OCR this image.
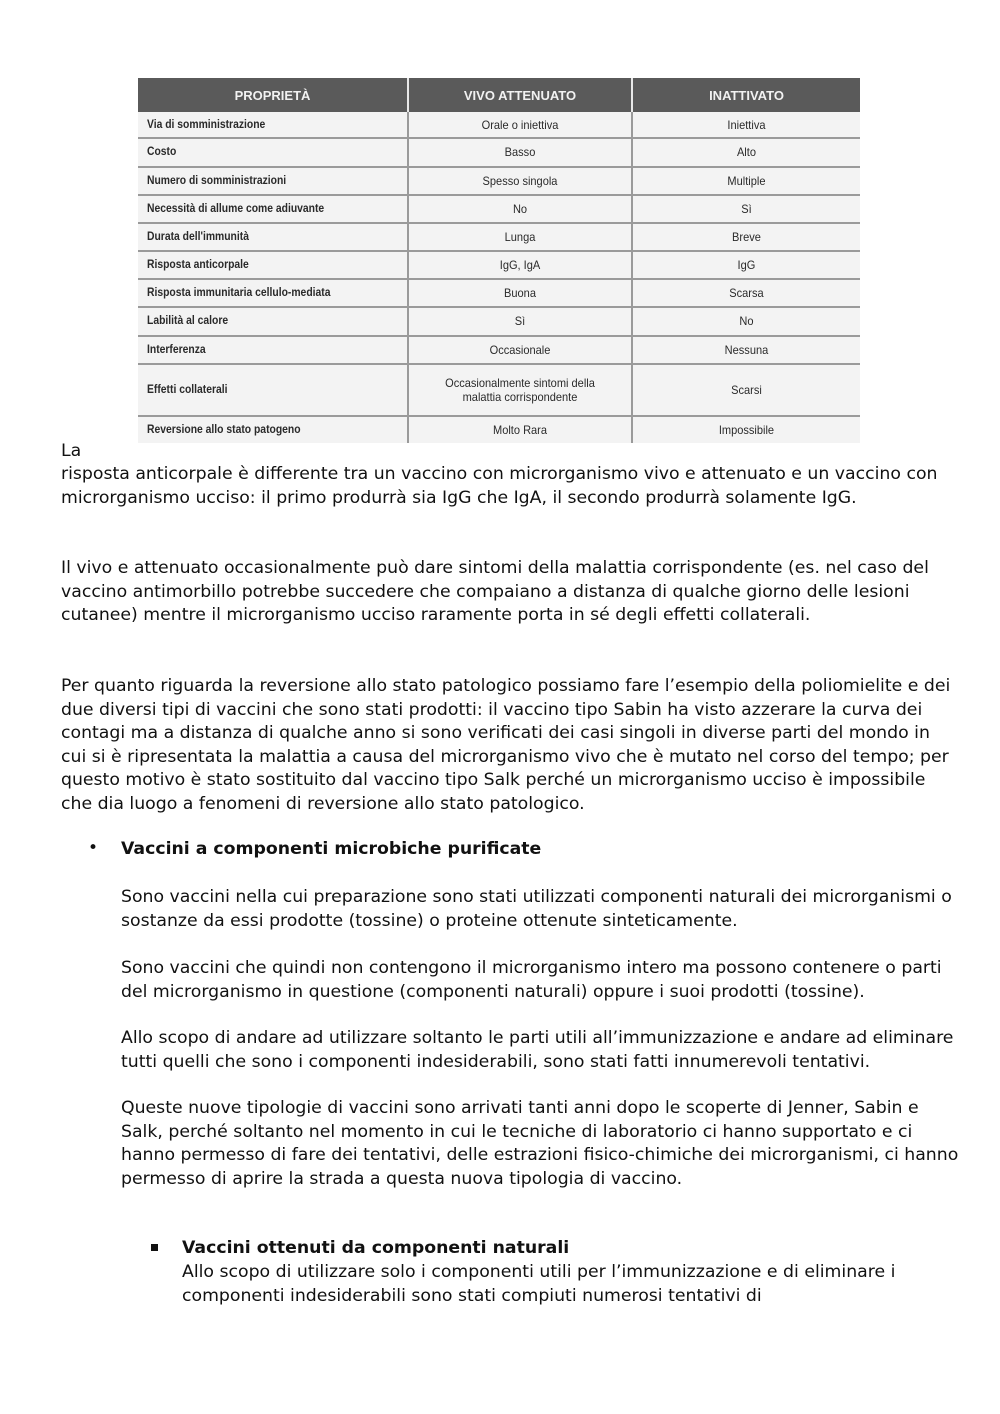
PROPRIETÀ	VIVO ATTENUATO	INATTIVATO
Via di somministrazione	Orale o iniettiva	Iniettiva
Costo	Basso	Alto
Numero di somministrazioni	Spesso singola	Multiple
Necessità di allume come adiuvante	No	Sì
Durata dell'immunità	Lunga	Breve
Risposta anticorpale	IgG, IgA	IgG
Risposta immunitaria cellulo-mediata	Buona	Scarsa
Labilità al calore	Sì	No
Interferenza	Occasionale	Nessuna
Effetti collaterali	Occasionalmente sintomi della malattia corrispondente	Scarsi
Reversione allo stato patogeno	Molto Rara	Impossibile

La

risposta anticorpale è differente tra un vaccino con microrganismo vivo e attenuato e un vaccino con microrganismo ucciso: il primo produrrà sia IgG che IgA, il secondo produrrà solamente IgG.

Il vivo e attenuato occasionalmente può dare sintomi della malattia corrispondente (es. nel caso del vaccino antimorbillo potrebbe succedere che compaiano a distanza di qualche giorno delle lesioni cutanee) mentre il microrganismo ucciso raramente porta in sé degli effetti collaterali.

Per quanto riguarda la reversione allo stato patologico possiamo fare l’esempio della poliomielite e dei due diversi tipi di vaccini che sono stati prodotti: il vaccino tipo Sabin ha visto azzerare la curva dei contagi ma a distanza di qualche anno si sono verificati dei casi singoli in diverse parti del mondo in cui si è ripresentata la malattia a causa del microrganismo vivo che è mutato nel corso del tempo; per questo motivo è stato sostituito dal vaccino tipo Salk perché un microrganismo ucciso è impossibile che dia luogo a fenomeni di reversione allo stato patologico.

• Vaccini a componenti microbiche purificate

Sono vaccini nella cui preparazione sono stati utilizzati componenti naturali dei microrganismi o sostanze da essi prodotte (tossine) o proteine ottenute sinteticamente.

Sono vaccini che quindi non contengono il microrganismo intero ma possono contenere o parti del microrganismo in questione (componenti naturali) oppure i suoi prodotti (tossine).

Allo scopo di andare ad utilizzare soltanto le parti utili all’immunizzazione e andare ad eliminare tutti quelli che sono i componenti indesiderabili, sono stati fatti innumerevoli tentativi.

Queste nuove tipologie di vaccini sono arrivati tanti anni dopo le scoperte di Jenner, Sabin e Salk, perché soltanto nel momento in cui le tecniche di laboratorio ci hanno supportato e ci hanno permesso di fare dei tentativi, delle estrazioni fisico-chimiche dei microrganismi, ci hanno permesso di aprire la strada a questa nuova tipologia di vaccino.

Vaccini ottenuti da componenti naturali

Allo scopo di utilizzare solo i componenti utili per l’immunizzazione e di eliminare i componenti indesiderabili sono stati compiuti numerosi tentativi di
